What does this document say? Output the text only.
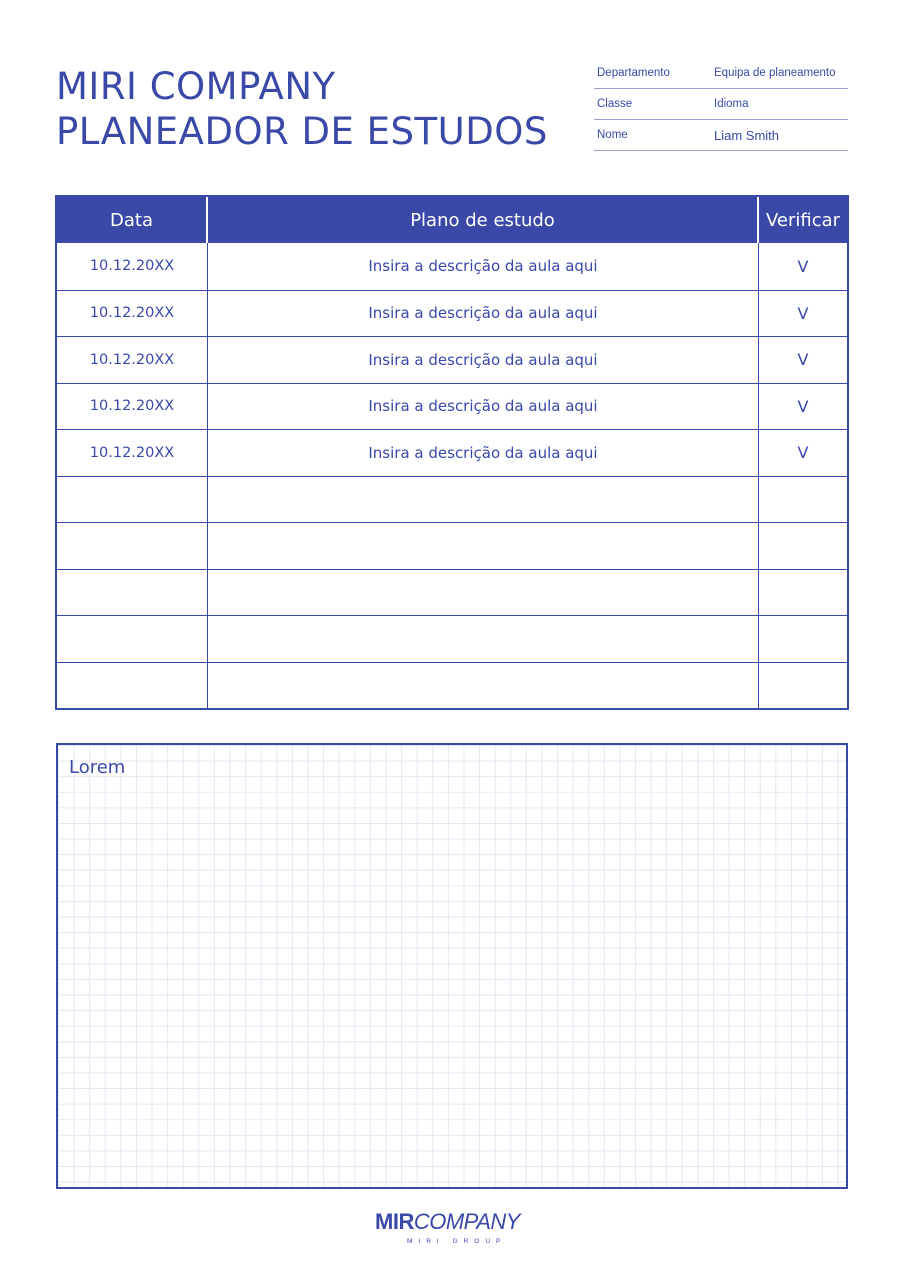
MIRI COMPANY
PLANEADOR DE ESTUDOS
Departamento	Equipa de planeamento
Classe	Idioma
Nome	Liam Smith
Data	Plano de estudo	Verificar
10.12.20XX	Insira a descrição da aula aqui	V
10.12.20XX	Insira a descrição da aula aqui	V
10.12.20XX	Insira a descrição da aula aqui	V
10.12.20XX	Insira a descrição da aula aqui	V
10.12.20XX	Insira a descrição da aula aqui	V
Lorem
MIRCOMPANY
MIRI GROUP
